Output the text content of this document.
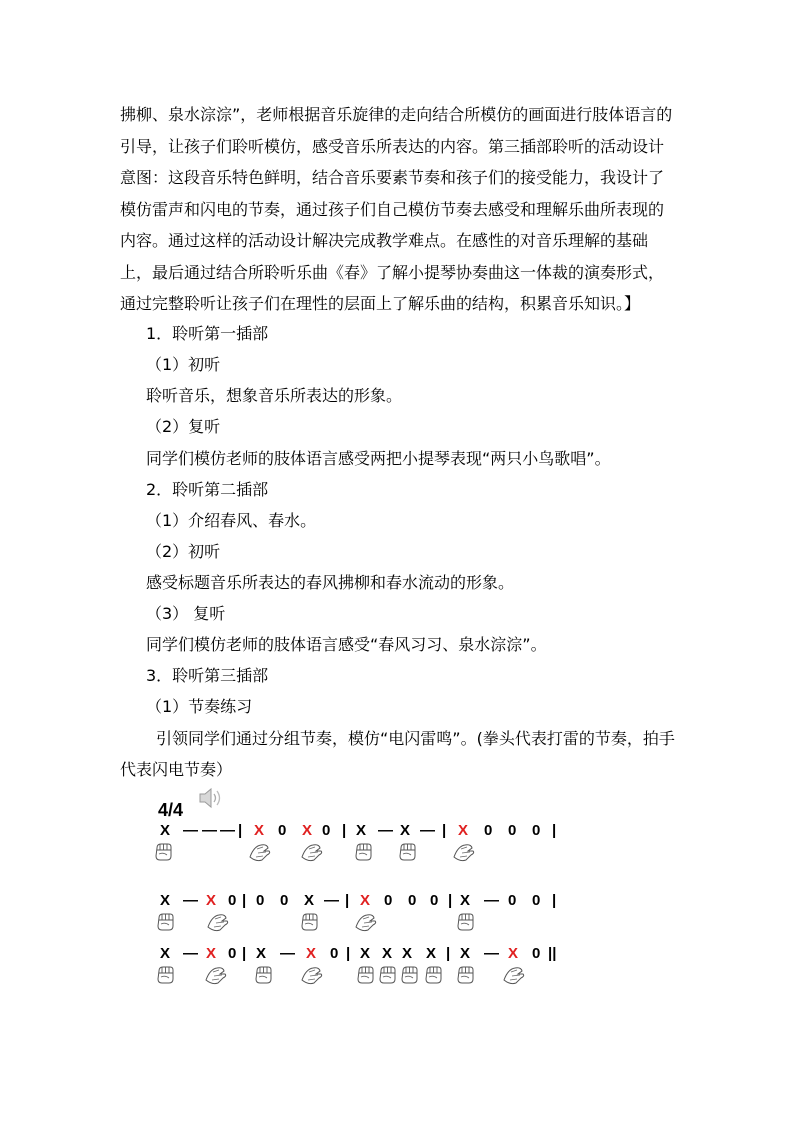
拂柳、泉水淙淙”，老师根据音乐旋律的走向结合所模仿的画面进行肢体语言的
引导，让孩子们聆听模仿，感受音乐所表达的内容。第三插部聆听的活动设计
意图：这段音乐特色鲜明，结合音乐要素节奏和孩子们的接受能力，我设计了
模仿雷声和闪电的节奏，通过孩子们自己模仿节奏去感受和理解乐曲所表现的
内容。通过这样的活动设计解决完成教学难点。在感性的对音乐理解的基础
上，最后通过结合所聆听乐曲《春》了解小提琴协奏曲这一体裁的演奏形式，
通过完整聆听让孩子们在理性的层面上了解乐曲的结构，积累音乐知识。】
1．聆听第一插部
（1）初听
聆听音乐，想象音乐所表达的形象。
（2）复听
同学们模仿老师的肢体语言感受两把小提琴表现“两只小鸟歌唱”。
2．聆听第二插部
（1）介绍春风、春水。
（2）初听
感受标题音乐所表达的春风拂柳和春水流动的形象。
（3） 复听
同学们模仿老师的肢体语言感受“春风习习、泉水淙淙”。
3．聆听第三插部
（1）节奏练习
引领同学们通过分组节奏，模仿“电闪雷鸣”。(拳头代表打雷的节奏，拍手
代表闪电节奏）
4/4
X — — — | X 0 X 0 | X — X — | X 0 0 0 |
X — X 0 | 0 0 X — | X 0 0 0 | X — 0 0 |
X — X 0 | X — X 0 | X X X X | X — X 0 ||
